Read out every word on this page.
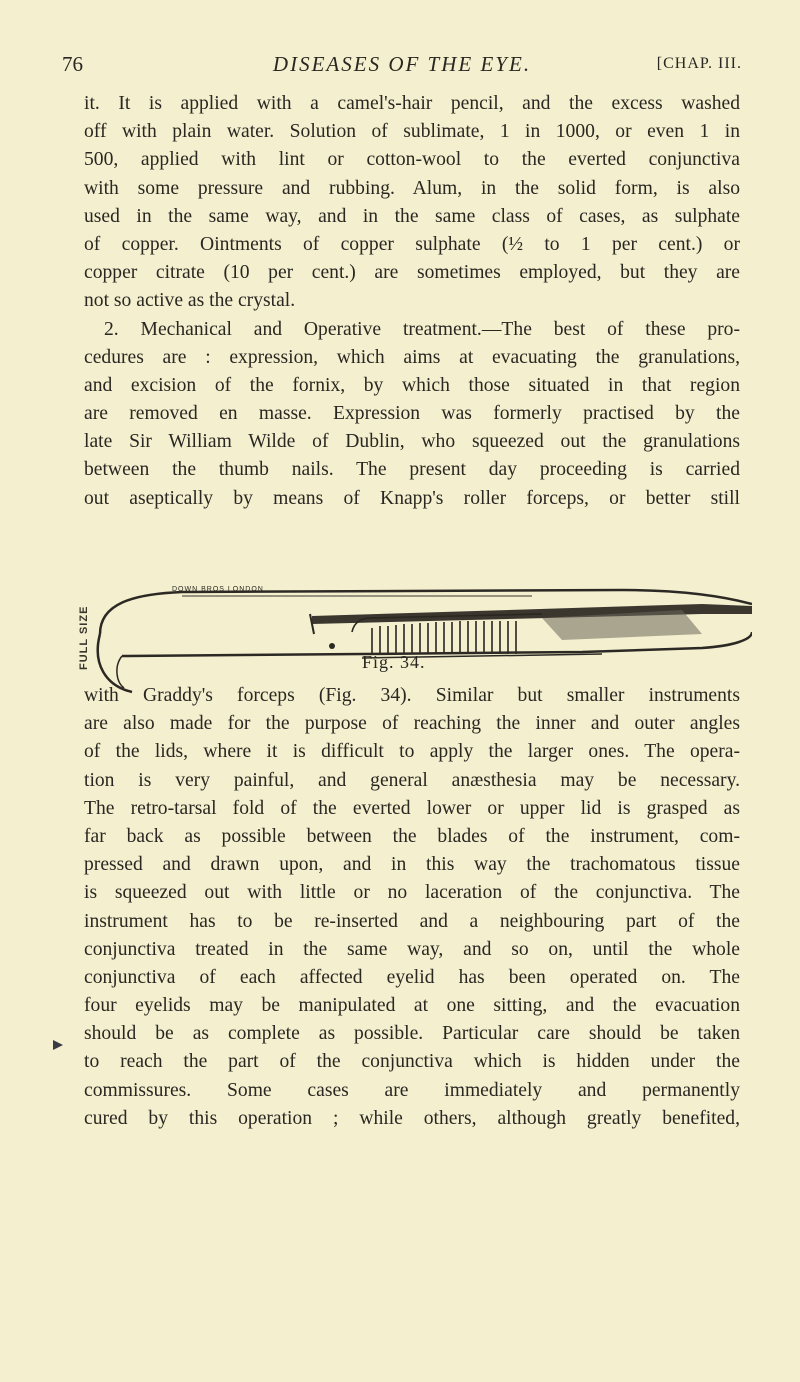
76	DISEASES OF THE EYE.	[CHAP. III.
it. It is applied with a camel's-hair pencil, and the excess washed
off with plain water. Solution of sublimate, 1 in 1000, or even 1 in
500, applied with lint or cotton-wool to the everted conjunctiva
with some pressure and rubbing. Alum, in the solid form, is also
used in the same way, and in the same class of cases, as sulphate
of copper. Ointments of copper sulphate (½ to 1 per cent.) or
copper citrate (10 per cent.) are sometimes employed, but they are
not so active as the crystal.
2. Mechanical and Operative treatment.—The best of these pro-
cedures are : expression, which aims at evacuating the granulations,
and excision of the fornix, by which those situated in that region
are removed en masse. Expression was formerly practised by the
late Sir William Wilde of Dublin, who squeezed out the granulations
between the thumb nails. The present day proceeding is carried
out aseptically by means of Knapp's roller forceps, or better still
DOWN BROS LONDON
FULL SIZE	Fig. 34.
with Graddy's forceps (Fig. 34). Similar but smaller instruments
are also made for the purpose of reaching the inner and outer angles
of the lids, where it is difficult to apply the larger ones. The opera-
tion is very painful, and general anæsthesia may be necessary.
The retro-tarsal fold of the everted lower or upper lid is grasped as
far back as possible between the blades of the instrument, com-
pressed and drawn upon, and in this way the trachomatous tissue
is squeezed out with little or no laceration of the conjunctiva. The
instrument has to be re-inserted and a neighbouring part of the
conjunctiva treated in the same way, and so on, until the whole
conjunctiva of each affected eyelid has been operated on. The
four eyelids may be manipulated at one sitting, and the evacuation
should be as complete as possible. Particular care should be taken
to reach the part of the conjunctiva which is hidden under the
commissures. Some cases are immediately and permanently
cured by this operation ; while others, although greatly benefited,
